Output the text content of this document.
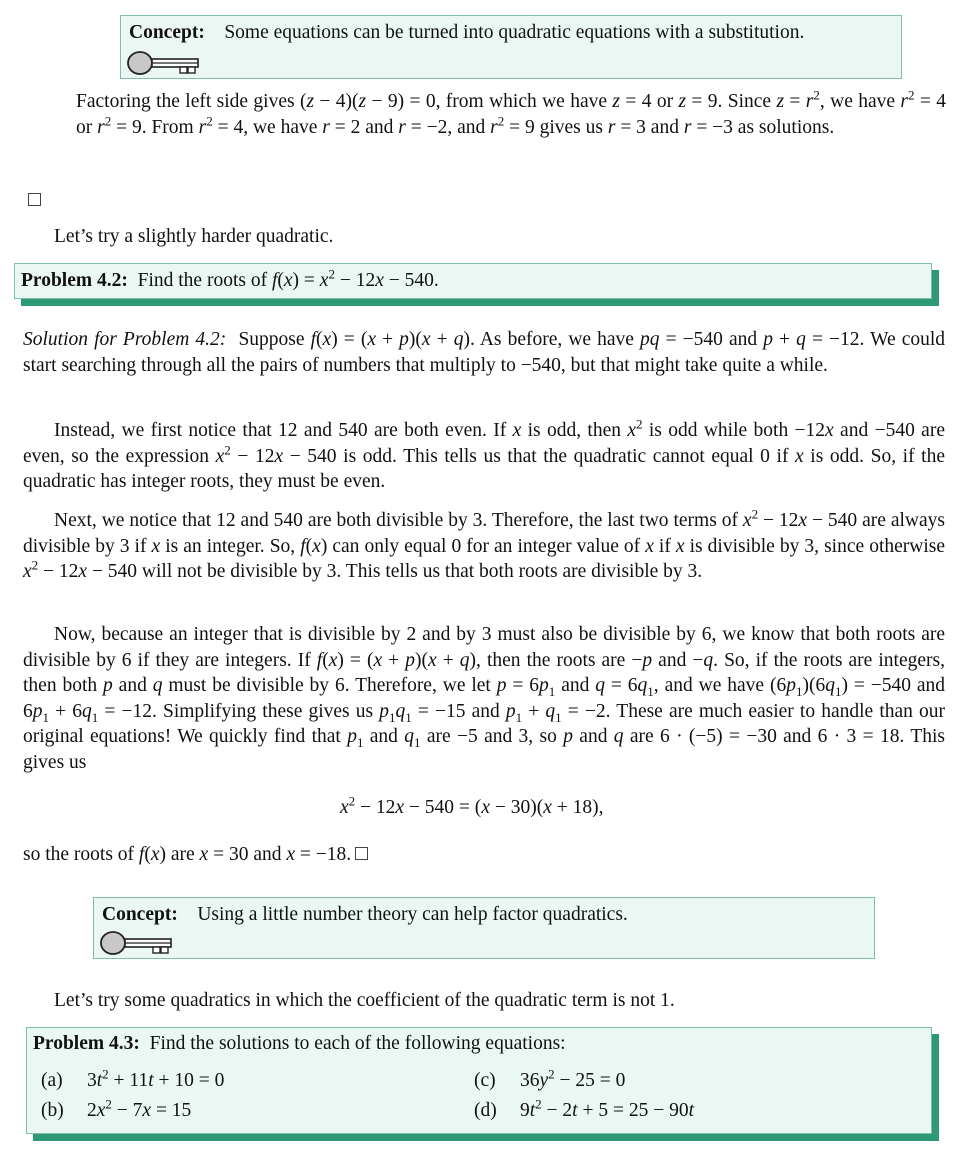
Concept: Some equations can be turned into quadratic equations with a substitution.

Factoring the left side gives (z − 4)(z − 9) = 0, from which we have z = 4 or z = 9. Since $z = r^2$, we have $r^2 = 4$ or $r^2 = 9$. From $r^2 = 4$, we have r = 2 and r = −2, and $r^2 = 9$ gives us r = 3 and r = −3 as solutions.

Let’s try a slightly harder quadratic.
Problem 4.2: Find the roots of $f(x) = x^2 - 12x - 540$.

Solution for Problem 4.2:  Suppose f(x) = (x + p)(x + q). As before, we have pq = −540 and p + q = −12. We could start searching through all the pairs of numbers that multiply to −540, but that might take quite a while.

Instead, we first notice that 12 and 540 are both even. If x is odd, then $x^2$ is odd while both −12x and −540 are even, so the expression $x^2 - 12x - 540$ is odd. This tells us that the quadratic cannot equal 0 if x is odd. So, if the quadratic has integer roots, they must be even.

Next, we notice that 12 and 540 are both divisible by 3. Therefore, the last two terms of $x^2 - 12x - 540$ are always divisible by 3 if x is an integer. So, f(x) can only equal 0 for an integer value of x if x is divisible by 3, since otherwise $x^2 - 12x - 540$ will not be divisible by 3. This tells us that both roots are divisible by 3.

Now, because an integer that is divisible by 2 and by 3 must also be divisible by 6, we know that both roots are divisible by 6 if they are integers. If f(x) = (x + p)(x + q), then the roots are −p and −q. So, if the roots are integers, then both p and q must be divisible by 6. Therefore, we let $p = 6p_1$ and $q = 6q_1$, and we have $(6p_1)(6q_1) = -540$ and $6p_1 + 6q_1 = -12$. Simplifying these gives us $p_1q_1 = -15$ and $p_1 + q_1 = -2$. These are much easier to handle than our original equations! We quickly find that $p_1$ and $q_1$ are −5 and 3, so p and q are 6 · (−5) = −30 and 6 · 3 = 18. This gives us

$x^2 - 12x - 540 = (x - 30)(x + 18)$,
so the roots of f(x) are x = 30 and x = −18.
Concept: Using a little number theory can help factor quadratics.
Let’s try some quadratics in which the coefficient of the quadratic term is not 1.
Problem 4.3: Find the solutions to each of the following equations:
(a) $3t^2 + 11t + 10 = 0$
(b) $2x^2 - 7x = 15$
(c) $36y^2 - 25 = 0$
(d) $9t^2 - 2t + 5 = 25 - 90t$
